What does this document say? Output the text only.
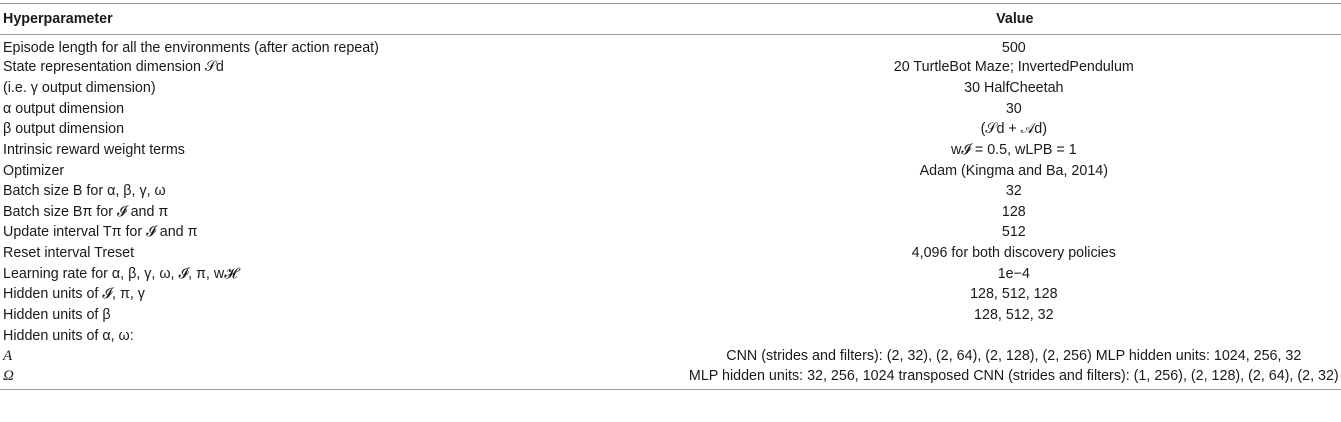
Hyperparameter	Value
Episode length for all the environments (after action repeat)	500
State representation dimension 𝒮d	20 TurtleBot Maze; InvertedPendulum
(i.e. γ output dimension)	30 HalfCheetah
α output dimension	30
β output dimension	(𝒮d + 𝒜d)
Intrinsic reward weight terms	w𝓘 = 0.5, wLPB = 1
Optimizer	Adam (Kingma and Ba, 2014)
Batch size B for α, β, γ, ω	32
Batch size Bπ for 𝓘 and π	128
Update interval Tπ for 𝓘 and π	512
Reset interval Treset	4,096 for both discovery policies
Learning rate for α, β, γ, ω, 𝓘, π, w𝓗	1e−4
Hidden units of 𝓘, π, γ	128, 512, 128
Hidden units of β	128, 512, 32
Hidden units of α, ω:	
A	CNN (strides and filters): (2, 32), (2, 64), (2, 128), (2, 256) MLP hidden units: 1024, 256, 32
Ω	MLP hidden units: 32, 256, 1024 transposed CNN (strides and filters): (1, 256), (2, 128), (2, 64), (2, 32)
